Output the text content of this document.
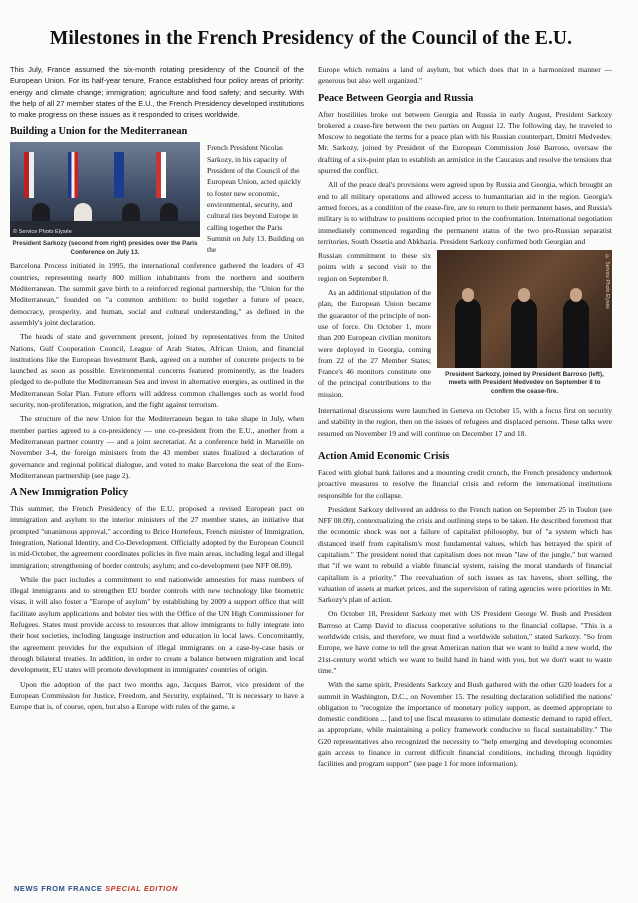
Milestones in the French Presidency of the Council of the E.U.

This July, France assumed the six-month rotating presidency of the Council of the European Union. For its half-year tenure, France established four policy areas of priority: energy and climate change; immigration; agriculture and food safety; and security. With the help of all 27 member states of the E.U., the French Presidency developed institutions to make progress on these issues as it responded to crises worldwide.

Building a Union for the Mediterranean
© Service Photo Elysée

President Sarkozy (second from right) presides over the Paris Conference on July 13.

French President Nicolas Sarkozy, in his capacity of President of the Council of the European Union, acted quickly to foster new economic, environmental, security, and cultural ties beyond Europe in calling together the Paris Summit on July 13. Building on the

Barcelona Process initiated in 1995, the international conference gathered the leaders of 43 countries, representing nearly 800 million inhabitants from the northern and southern Mediterranean. The summit gave birth to a reinforced regional partnership, the "Union for the Mediterranean," founded on "a common ambition: to build together a future of peace, democracy, prosperity, and human, social and cultural understanding," as defined in the assembly's joint declaration.

The heads of state and government present, joined by representatives from the United Nations, Gulf Cooperation Council, League of Arab States, African Union, and financial institutions like the European Investment Bank, agreed on a number of concrete projects to be launched as soon as possible. Environmental concerns featured prominently, as the leaders pledged to de-pollute the Mediterranean Sea and invest in alternative energies, as outlined in the Mediterranean Solar Plan. Future efforts will address common challenges such as world food security, non-proliferation, migration, and the fight against terrorism.

The structure of the new Union for the Mediterranean began to take shape in July, when member parties agreed to a co-presidency — one co-president from the E.U., another from a Mediterranean partner country — and a joint secretariat. At a conference held in Marseille on November 3-4, the foreign ministers from the 43 member states finalized a declaration of governance and regional political dialogue, and voted to make Barcelona the seat of the Euro-Mediterranean partnership (see page 2).

A New Immigration Policy

This summer, the French Presidency of the E.U. proposed a revised European pact on immigration and asylum to the interior ministers of the 27 member states, an initiative that prompted "unanimous approval," according to Brice Hortefeux, French minister of Immigration, Integration, National Identity, and Co-Development. Officially adopted by the European Council in mid-October, the agreement coordinates policies in five main areas, including legal and illegal immigration; strengthening of border controls; asylum; and co-development (see NFF 08.09).

While the pact includes a commitment to end nationwide amnesties for mass numbers of illegal immigrants and to strengthen EU border controls with new technology like biometric visas, it will also foster a "Europe of asylum" by establishing by 2009 a support office that will facilitate asylum applications and bolster ties with the Office of the UN High Commissioner for Refugees. States must provide access to resources that allow immigrants to fully integrate into their host societies, including language instruction and education in local laws. Concomitantly, the agreement provides for the expulsion of illegal immigrants on a case-by-case basis or through bilateral treaties. In addition, in order to create a balance between migration and local development, EU states will promote development in immigrants' countries of origin.

Upon the adoption of the pact two months ago, Jacques Barrot, vice president of the European Commission for Justice, Freedom, and Security, explained, "It is necessary to have a Europe that is, of course, open, but also a Europe with rules of the game, a

Europe which remains a land of asylum, but which does that in a harmonized manner — generous but also well organized."

Peace Between Georgia and Russia

After hostilities broke out between Georgia and Russia in early August, President Sarkozy brokered a cease-fire between the two parties on August 12. The following day, he traveled to Moscow to negotiate the terms for a peace plan with his Russian counterpart, Dmitri Medvedev. Mr. Sarkozy, joined by President of the European Commission José Barroso, oversaw the drafting of a six-point plan to establish an armistice in the Caucasus and resolve the tensions that spurred the conflict.

All of the peace deal's provisions were agreed upon by Russia and Georgia, which brought an end to all military operations and allowed access to humanitarian aid in the region. Georgia's armed forces, as a condition of the cease-fire, are to return to their permanent bases, and Russia's military is to withdraw to positions occupied prior to the confrontation. International negotiation immediately commenced regarding the permanent status of the two pro-Russian separatist territories, South Ossetia and Abkhazia. President Sarkozy confirmed both Georgian and

Russian commitment to these six points with a second visit to the region on September 8.

As an additional stipulation of the plan, the European Union became the guarantor of the principle of non-use of force. On October 1, more than 200 European civilian monitors were deployed in Georgia, coming from 22 of the 27 Member States; France's 46 monitors constitute one of the principal contributions to the mission.

© Service Photo Elysée

President Sarkozy, joined by President Barroso (left), meets with President Medvedev on September 8 to confirm the cease-fire.

International discussions were launched in Geneva on October 15, with a focus first on security and stability in the region, then on the issues of refugees and displaced persons. These talks were resumed on November 19 and will continue on December 17 and 18.

Action Amid Economic Crisis

Faced with global bank failures and a mounting credit crunch, the French presidency undertook proactive measures to resolve the financial crisis and reform the international institutions responsible for the collapse.

President Sarkozy delivered an address to the French nation on September 25 in Toulon (see NFF 08.09), contextualizing the crisis and outlining steps to be taken. He described foremost that the economic shock was not a failure of capitalist philosophy, but of "a system which has distanced itself from capitalism's most fundamental values, which has betrayed the spirit of capitalism." The president noted that capitalism does not mean "law of the jungle," but warned that "if we want to rebuild a viable financial system, raising the moral standards of financial capitalism is a priority." The reevaluation of such issues as tax havens, short selling, the valuation of assets at market prices, and the supervision of rating agencies were priorities in Mr. Sarkozy's plan of action.

On October 18, President Sarkozy met with US President George W. Bush and President Barroso at Camp David to discuss cooperative solutions to the financial collapse. "This is a worldwide crisis, and therefore, we must find a worldwide solution," stated Sarkozy. "So from Europe, we have come to tell the great American nation that we want to build a new world, the 21st-century world which we want to build hand in hand with you, but we don't want to waste time."

With the same spirit, Presidents Sarkozy and Bush gathered with the other G20 leaders for a summit in Washington, D.C., on November 15. The resulting declaration solidified the nations' obligation to "recognize the importance of monetary policy support, as deemed appropriate to domestic conditions ... [and to] use fiscal measures to stimulate domestic demand to rapid effect, as appropriate, while maintaining a policy framework conducive to fiscal sustainability." The G20 representatives also recognized the necessity to "help emerging and developing economies gain access to finance in current difficult financial conditions, including through liquidity facilities and program support" (see page 1 for more information).

NEWS FROM FRANCE SPECIAL EDITION
